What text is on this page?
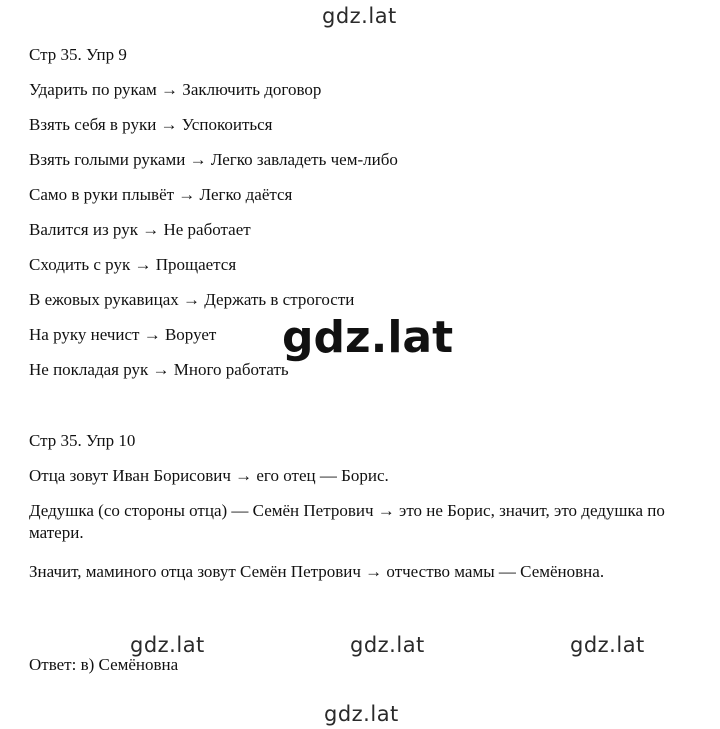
gdz.lat

Стр 35. Упр 9

Ударить по рукам → Заключить договор

Взять себя в руки → Успокоиться

Взять голыми руками → Легко завладеть чем-либо

Само в руки плывёт → Легко даётся

Валится из рук → Не работает

Сходить с рук → Прощается

В ежовых рукавицах → Держать в строгости

На руку нечист → Ворует

Не покладая рук → Много работать

gdz.lat

Стр 35. Упр 10

Отца зовут Иван Борисович → его отец — Борис.

Дедушка (со стороны отца) — Семён Петрович → это не Борис, значит, это дедушка по матери.

Значит, маминого отца зовут Семён Петрович → отчество мамы — Семёновна.

gdz.lat	gdz.lat	gdz.lat

Ответ: в) Семёновна

gdz.lat
